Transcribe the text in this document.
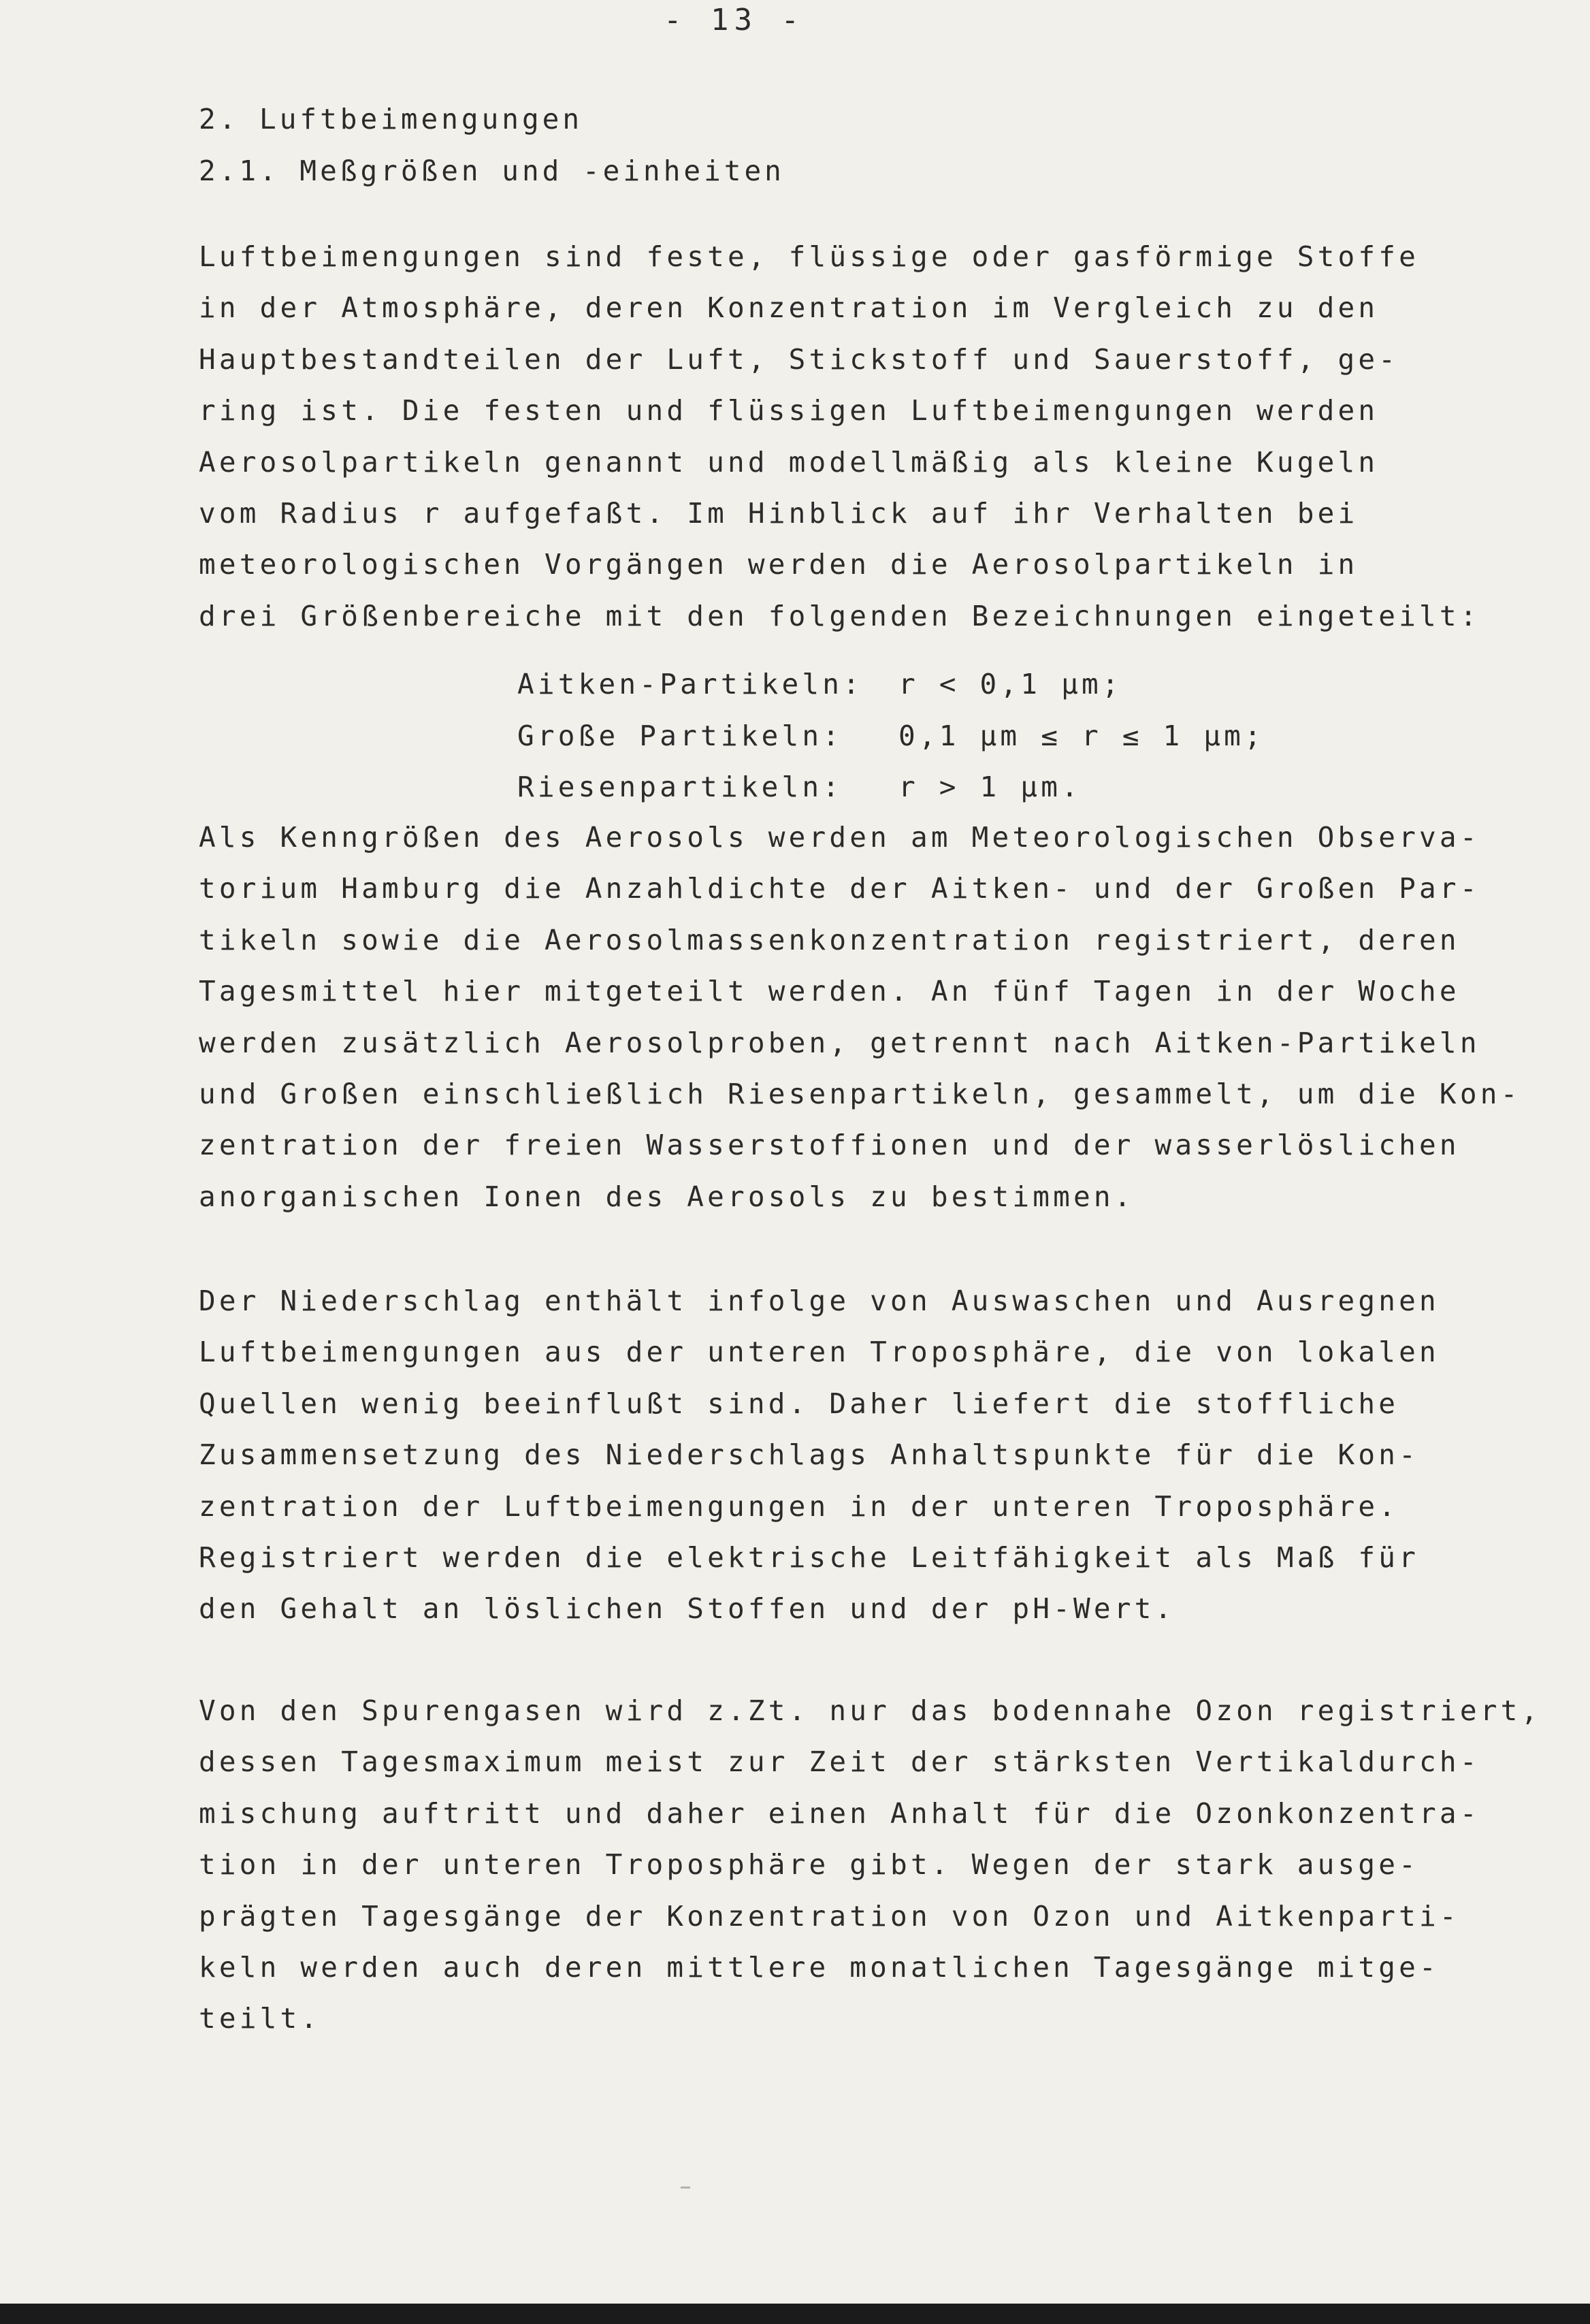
- 13 -
2. Luftbeimengungen
2.1. Meßgrößen und -einheiten
Luftbeimengungen sind feste, flüssige oder gasförmige Stoffe
in der Atmosphäre, deren Konzentration im Vergleich zu den
Hauptbestandteilen der Luft, Stickstoff und Sauerstoff, ge-
ring ist. Die festen und flüssigen Luftbeimengungen werden
Aerosolpartikeln genannt und modellmäßig als kleine Kugeln
vom Radius r aufgefaßt. Im Hinblick auf ihr Verhalten bei
meteorologischen Vorgängen werden die Aerosolpartikeln in
drei Größenbereiche mit den folgenden Bezeichnungen eingeteilt:
Aitken-Partikeln:	r < 0,1 μm;
Große Partikeln:	0,1 μm ≤ r ≤ 1 μm;
Riesenpartikeln:	r > 1 μm.
Als Kenngrößen des Aerosols werden am Meteorologischen Observa-
torium Hamburg die Anzahldichte der Aitken- und der Großen Par-
tikeln sowie die Aerosolmassenkonzentration registriert, deren
Tagesmittel hier mitgeteilt werden. An fünf Tagen in der Woche
werden zusätzlich Aerosolproben, getrennt nach Aitken-Partikeln
und Großen einschließlich Riesenpartikeln, gesammelt, um die Kon-
zentration der freien Wasserstoffionen und der wasserlöslichen
anorganischen Ionen des Aerosols zu bestimmen.
Der Niederschlag enthält infolge von Auswaschen und Ausregnen
Luftbeimengungen aus der unteren Troposphäre, die von lokalen
Quellen wenig beeinflußt sind. Daher liefert die stoffliche
Zusammensetzung des Niederschlags Anhaltspunkte für die Kon-
zentration der Luftbeimengungen in der unteren Troposphäre.
Registriert werden die elektrische Leitfähigkeit als Maß für
den Gehalt an löslichen Stoffen und der pH-Wert.
Von den Spurengasen wird z.Zt. nur das bodennahe Ozon registriert,
dessen Tagesmaximum meist zur Zeit der stärksten Vertikaldurch-
mischung auftritt und daher einen Anhalt für die Ozonkonzentra-
tion in der unteren Troposphäre gibt. Wegen der stark ausge-
prägten Tagesgänge der Konzentration von Ozon und Aitkenparti-
keln werden auch deren mittlere monatlichen Tagesgänge mitge-
teilt.
